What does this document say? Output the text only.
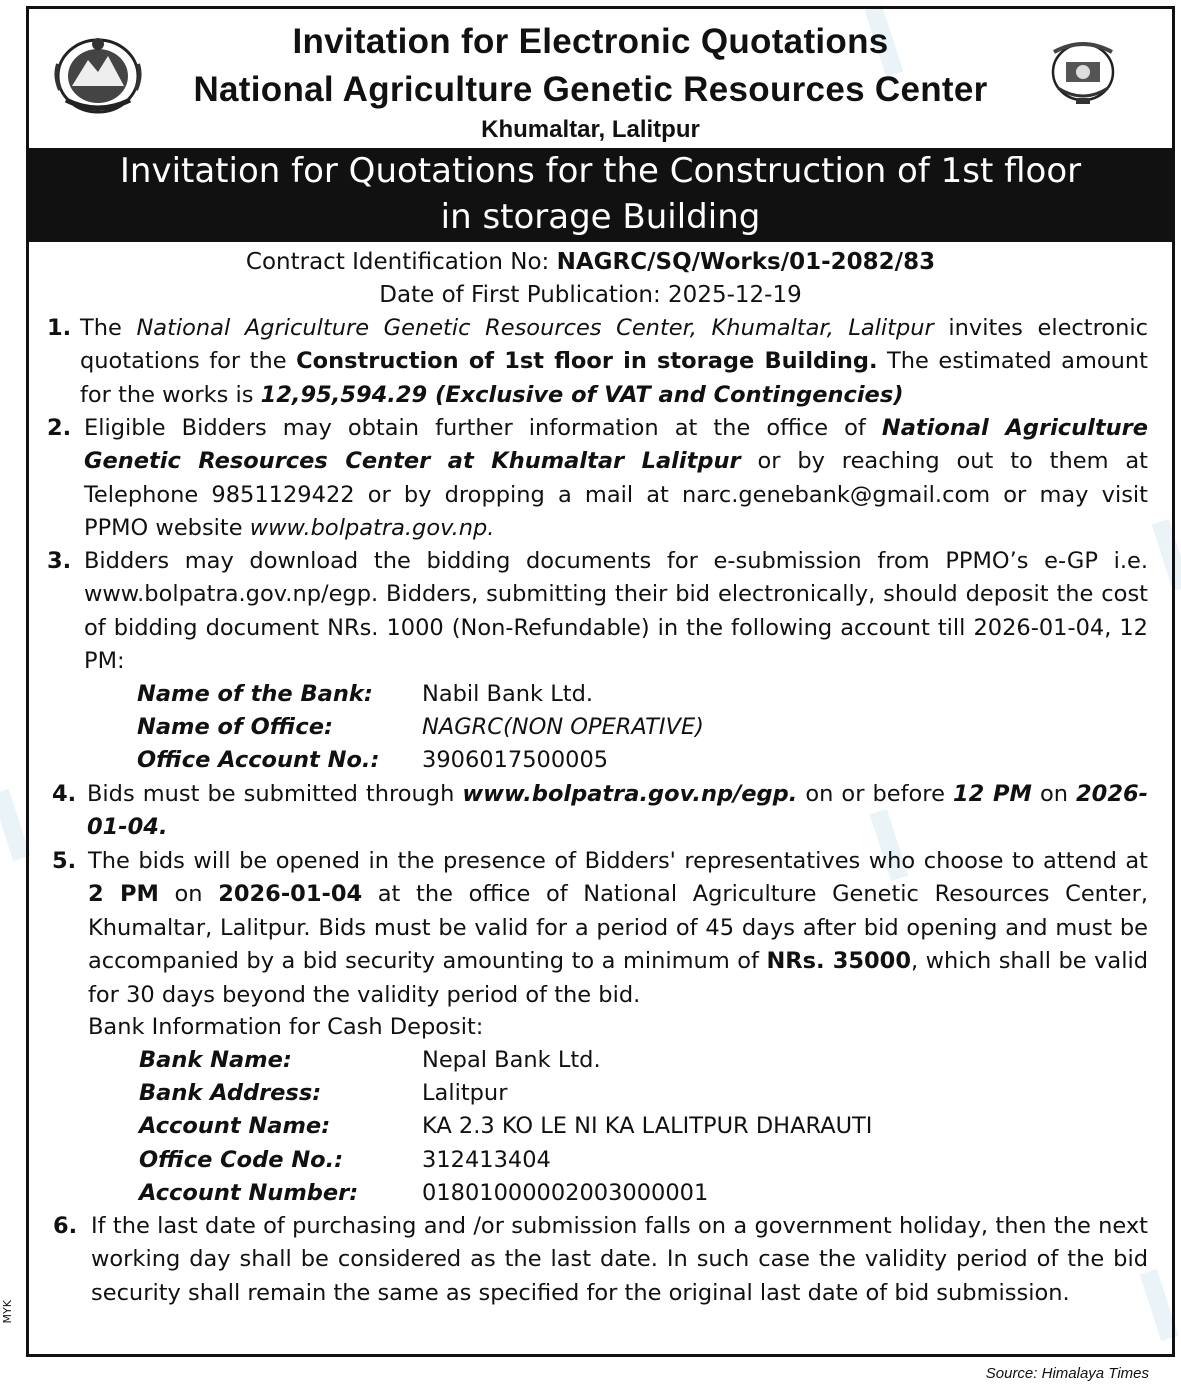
Invitation for Electronic Quotations
National Agriculture Genetic Resources Center
Khumaltar, Lalitpur
Invitation for Quotations for the Construction of 1st floor
in storage Building
Contract Identification No: NAGRC/SQ/Works/01-2082/83
Date of First Publication: 2025-12-19
1. The National Agriculture Genetic Resources Center, Khumaltar, Lalitpur invites electronic quotations for the Construction of 1st floor in storage Building. The estimated amount for the works is 12,95,594.29 (Exclusive of VAT and Contingencies)
2. Eligible Bidders may obtain further information at the office of National Agriculture Genetic Resources Center at Khumaltar Lalitpur or by reaching out to them at Telephone 9851129422 or by dropping a mail at narc.genebank@gmail.com or may visit PPMO website www.bolpatra.gov.np.
3. Bidders may download the bidding documents for e-submission from PPMO’s e-GP i.e. www.bolpatra.gov.np/egp. Bidders, submitting their bid electronically, should deposit the cost of bidding document NRs. 1000 (Non-Refundable) in the following account till 2026-01-04, 12 PM:
Name of the Bank: Nabil Bank Ltd.
Name of Office:	NAGRC(NON OPERATIVE)
Office Account No.: 3906017500005
4. Bids must be submitted through www.bolpatra.gov.np/egp. on or before 12 PM on 2026-01-04.
5. The bids will be opened in the presence of Bidders' representatives who choose to attend at 2 PM on 2026-01-04 at the office of National Agriculture Genetic Resources Center, Khumaltar, Lalitpur. Bids must be valid for a period of 45 days after bid opening and must be accompanied by a bid security amounting to a minimum of NRs. 35000, which shall be valid for 30 days beyond the validity period of the bid.
Bank Information for Cash Deposit:
Bank Name:	Nepal Bank Ltd.
Bank Address:	Lalitpur
Account Name:	KA 2.3 KO LE NI KA LALITPUR DHARAUTI
Office Code No.:	312413404
Account Number:	01801000002003000001
6. If the last date of purchasing and /or submission falls on a government holiday, then the next working day shall be considered as the last date. In such case the validity period of the bid security shall remain the same as specified for the original last date of bid submission.
MYK
Source: Himalaya Times
